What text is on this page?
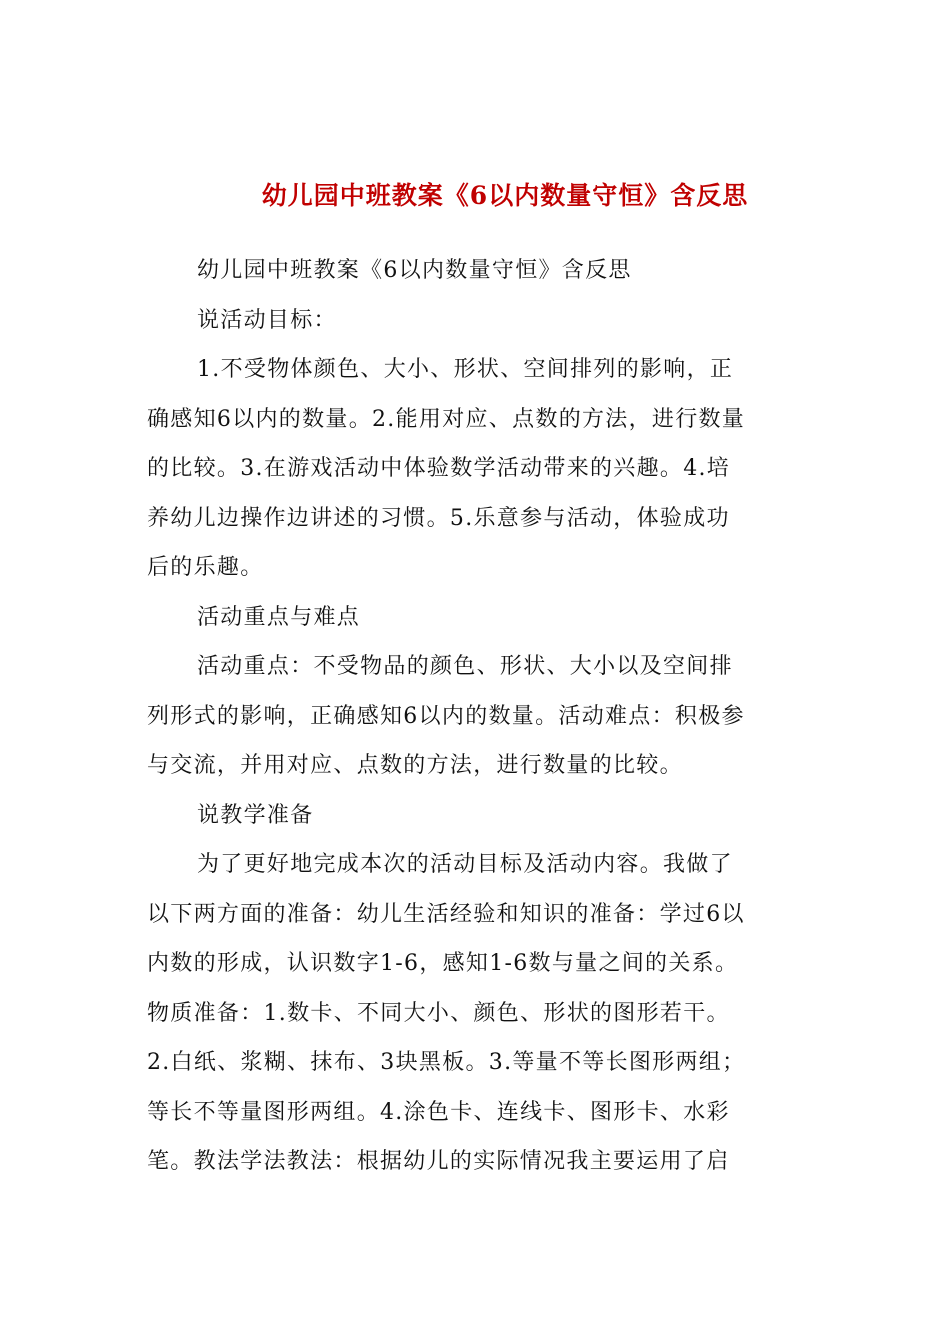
幼儿园中班教案《6以内数量守恒》含反思
幼儿园中班教案《6以内数量守恒》含反思
说活动目标：
1.不受物体颜色、大小、形状、空间排列的影响，正
确感知6以内的数量。2.能用对应、点数的方法，进行数量
的比较。3.在游戏活动中体验数学活动带来的兴趣。4.培
养幼儿边操作边讲述的习惯。5.乐意参与活动，体验成功
后的乐趣。
活动重点与难点
活动重点：不受物品的颜色、形状、大小以及空间排
列形式的影响，正确感知6以内的数量。活动难点：积极参
与交流，并用对应、点数的方法，进行数量的比较。
说教学准备
为了更好地完成本次的活动目标及活动内容。我做了
以下两方面的准备：幼儿生活经验和知识的准备：学过6以
内数的形成，认识数字1-6，感知1-6数与量之间的关系。
物质准备：1.数卡、不同大小、颜色、形状的图形若干。
2.白纸、浆糊、抹布、3块黑板。3.等量不等长图形两组；
等长不等量图形两组。4.涂色卡、连线卡、图形卡、水彩
笔。教法学法教法：根据幼儿的实际情况我主要运用了启
